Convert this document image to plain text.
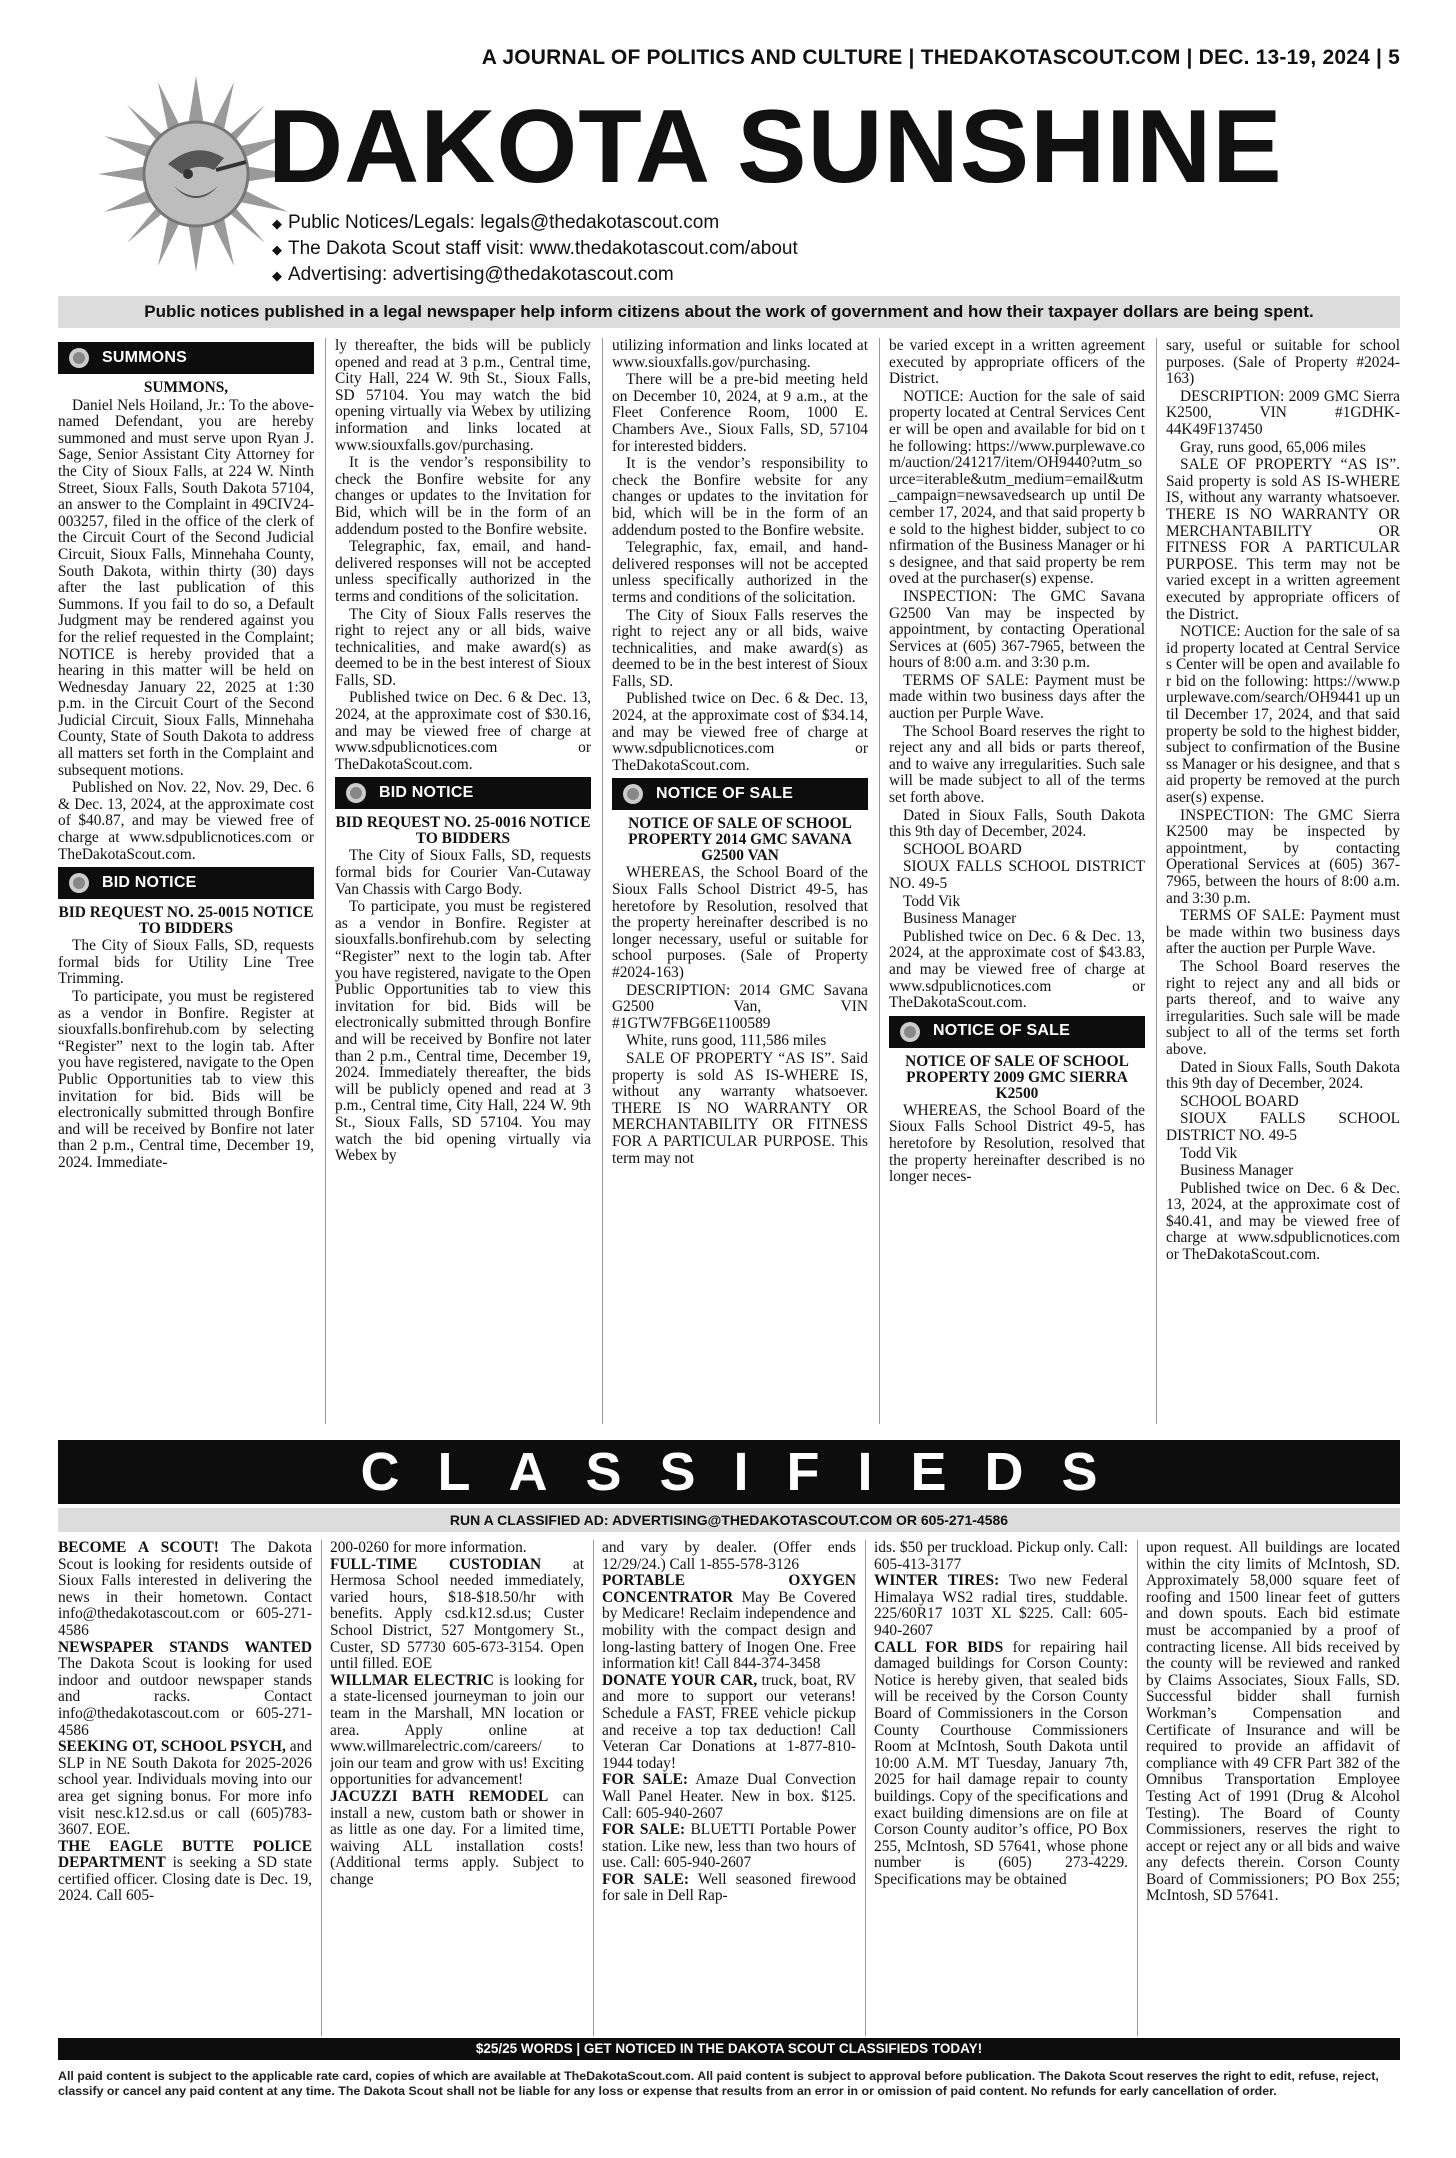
A JOURNAL OF POLITICS AND CULTURE | THEDAKOTASCOUT.COM | DEC. 13-19, 2024 | 5
DAKOTA SUNSHINE
◆ Public Notices/Legals: legals@thedakotascout.com
◆ The Dakota Scout staff visit: www.thedakotascout.com/about
◆ Advertising: advertising@thedakotascout.com
Public notices published in a legal newspaper help inform citizens about the work of government and how their taxpayer dollars are being spent.
SUMMONS

SUMMONS,

Daniel Nels Hoiland, Jr.: To the above-named Defendant, you are hereby summoned and must serve upon Ryan J. Sage, Senior Assistant City Attorney for the City of Sioux Falls, at 224 W. Ninth Street, Sioux Falls, South Dakota 57104, an answer to the Complaint in 49CIV24-003257, filed in the office of the clerk of the Circuit Court of the Second Judicial Circuit, Sioux Falls, Minnehaha County, South Dakota, within thirty (30) days after the last publication of this Summons. If you fail to do so, a Default Judgment may be rendered against you for the relief requested in the Complaint; NOTICE is hereby provided that a hearing in this matter will be held on Wednesday January 22, 2025 at 1:30 p.m. in the Circuit Court of the Second Judicial Circuit, Sioux Falls, Minnehaha County, State of South Dakota to address all matters set forth in the Complaint and subsequent motions.

Published on Nov. 22, Nov. 29, Dec. 6 & Dec. 13, 2024, at the approximate cost of $40.87, and may be viewed free of charge at www.sdpublicnotices.com or TheDakotaScout.com.

BID NOTICE

BID REQUEST NO. 25-0015 NOTICE TO BIDDERS

The City of Sioux Falls, SD, requests formal bids for Utility Line Tree Trimming.

To participate, you must be registered as a vendor in Bonfire. Register at siouxfalls.bonfirehub.com by selecting “Register” next to the login tab. After you have registered, navigate to the Open Public Opportunities tab to view this invitation for bid. Bids will be electronically submitted through Bonfire and will be received by Bonfire not later than 2 p.m., Central time, December 19, 2024. Immediate-

ly thereafter, the bids will be publicly opened and read at 3 p.m., Central time, City Hall, 224 W. 9th St., Sioux Falls, SD 57104. You may watch the bid opening virtually via Webex by utilizing information and links located at www.siouxfalls.gov/purchasing.

It is the vendor’s responsibility to check the Bonfire website for any changes or updates to the Invitation for Bid, which will be in the form of an addendum posted to the Bonfire website.

Telegraphic, fax, email, and hand-delivered responses will not be accepted unless specifically authorized in the terms and conditions of the solicitation.

The City of Sioux Falls reserves the right to reject any or all bids, waive technicalities, and make award(s) as deemed to be in the best interest of Sioux Falls, SD.

Published twice on Dec. 6 & Dec. 13, 2024, at the approximate cost of $30.16, and may be viewed free of charge at www.sdpublicnotices.com or TheDakotaScout.com.

BID NOTICE

BID REQUEST NO. 25-0016 NOTICE TO BIDDERS

The City of Sioux Falls, SD, requests formal bids for Courier Van-Cutaway Van Chassis with Cargo Body.

To participate, you must be registered as a vendor in Bonfire. Register at siouxfalls.bonfirehub.com by selecting “Register” next to the login tab. After you have registered, navigate to the Open Public Opportunities tab to view this invitation for bid. Bids will be electronically submitted through Bonfire and will be received by Bonfire not later than 2 p.m., Central time, December 19, 2024. Immediately thereafter, the bids will be publicly opened and read at 3 p.m., Central time, City Hall, 224 W. 9th St., Sioux Falls, SD 57104. You may watch the bid opening virtually via Webex by

utilizing information and links located at www.siouxfalls.gov/purchasing.

There will be a pre-bid meeting held on December 10, 2024, at 9 a.m., at the Fleet Conference Room, 1000 E. Chambers Ave., Sioux Falls, SD, 57104 for interested bidders.

It is the vendor’s responsibility to check the Bonfire website for any changes or updates to the invitation for bid, which will be in the form of an addendum posted to the Bonfire website.

Telegraphic, fax, email, and hand-delivered responses will not be accepted unless specifically authorized in the terms and conditions of the solicitation.

The City of Sioux Falls reserves the right to reject any or all bids, waive technicalities, and make award(s) as deemed to be in the best interest of Sioux Falls, SD.

Published twice on Dec. 6 & Dec. 13, 2024, at the approximate cost of $34.14, and may be viewed free of charge at www.sdpublicnotices.com or TheDakotaScout.com.

NOTICE OF SALE

NOTICE OF SALE OF SCHOOL PROPERTY 2014 GMC SAVANA G2500 VAN

WHEREAS, the School Board of the Sioux Falls School District 49-5, has heretofore by Resolution, resolved that the property hereinafter described is no longer necessary, useful or suitable for school purposes. (Sale of Property #2024-163)

DESCRIPTION: 2014 GMC Savana G2500 Van, VIN #1GTW7FBG6E1100589

White, runs good, 111,586 miles

SALE OF PROPERTY “AS IS”. Said property is sold AS IS-WHERE IS, without any warranty whatsoever. THERE IS NO WARRANTY OR MERCHANTABILITY OR FITNESS FOR A PARTICULAR PURPOSE. This term may not

be varied except in a written agreement executed by appropriate officers of the District.

NOTICE: Auction for the sale of said property located at Central Services Center will be open and available for bid on the following: https://www.purplewave.com/auction/241217/item/OH9440?utm_source=iterable&utm_medium=email&utm_campaign=newsavedsearch up until December 17, 2024, and that said property be sold to the highest bidder, subject to confirmation of the Business Manager or his designee, and that said property be removed at the purchaser(s) expense.

INSPECTION: The GMC Savana G2500 Van may be inspected by appointment, by contacting Operational Services at (605) 367-7965, between the hours of 8:00 a.m. and 3:30 p.m.

TERMS OF SALE: Payment must be made within two business days after the auction per Purple Wave.

The School Board reserves the right to reject any and all bids or parts thereof, and to waive any irregularities. Such sale will be made subject to all of the terms set forth above.

Dated in Sioux Falls, South Dakota this 9th day of December, 2024.

SCHOOL BOARD

SIOUX FALLS SCHOOL DISTRICT NO. 49-5

Todd Vik

Business Manager

Published twice on Dec. 6 & Dec. 13, 2024, at the approximate cost of $43.83, and may be viewed free of charge at www.sdpublicnotices.com or TheDakotaScout.com.

NOTICE OF SALE

NOTICE OF SALE OF SCHOOL PROPERTY 2009 GMC SIERRA K2500

WHEREAS, the School Board of the Sioux Falls School District 49-5, has heretofore by Resolution, resolved that the property hereinafter described is no longer neces-

sary, useful or suitable for school purposes. (Sale of Property #2024-163)

DESCRIPTION: 2009 GMC Sierra K2500, VIN #1GDHK-44K49F137450

Gray, runs good, 65,006 miles

SALE OF PROPERTY “AS IS”. Said property is sold AS IS-WHERE IS, without any warranty whatsoever. THERE IS NO WARRANTY OR MERCHANTABILITY OR FITNESS FOR A PARTICULAR PURPOSE. This term may not be varied except in a written agreement executed by appropriate officers of the District.

NOTICE: Auction for the sale of said property located at Central Services Center will be open and available for bid on the following: https://www.purplewave.com/search/OH9441 up until December 17, 2024, and that said property be sold to the highest bidder, subject to confirmation of the Business Manager or his designee, and that said property be removed at the purchaser(s) expense.

INSPECTION: The GMC Sierra K2500 may be inspected by appointment, by contacting Operational Services at (605) 367-7965, between the hours of 8:00 a.m. and 3:30 p.m.

TERMS OF SALE: Payment must be made within two business days after the auction per Purple Wave.

The School Board reserves the right to reject any and all bids or parts thereof, and to waive any irregularities. Such sale will be made subject to all of the terms set forth above.

Dated in Sioux Falls, South Dakota this 9th day of December, 2024.

SCHOOL BOARD

SIOUX FALLS SCHOOL DISTRICT NO. 49-5

Todd Vik

Business Manager

Published twice on Dec. 6 & Dec. 13, 2024, at the approximate cost of $40.41, and may be viewed free of charge at www.sdpublicnotices.com or TheDakotaScout.com.

CLASSIFIEDS
RUN A CLASSIFIED AD: ADVERTISING@THEDAKOTASCOUT.COM OR 605-271-4586
BECOME A SCOUT! The Dakota Scout is looking for residents outside of Sioux Falls interested in delivering the news in their hometown. Contact info@thedakotascout.com or 605-271-4586
NEWSPAPER STANDS WANTED The Dakota Scout is looking for used indoor and outdoor newspaper stands and racks. Contact info@thedakotascout.com or 605-271-4586
SEEKING OT, SCHOOL PSYCH, and SLP in NE South Dakota for 2025-2026 school year. Individuals moving into our area get signing bonus. For more info visit nesc.k12.sd.us or call (605)783-3607. EOE.
THE EAGLE BUTTE POLICE DEPARTMENT is seeking a SD state certified officer. Closing date is Dec. 19, 2024. Call 605-
200-0260 for more information.
FULL-TIME CUSTODIAN at Hermosa School needed immediately, varied hours, $18-$18.50/hr with benefits. Apply csd.k12.sd.us; Custer School District, 527 Montgomery St., Custer, SD 57730 605-673-3154. Open until filled. EOE
WILLMAR ELECTRIC is looking for a state-licensed journeyman to join our team in the Marshall, MN location or area. Apply online at www.willmarelectric.com/careers/ to join our team and grow with us! Exciting opportunities for advancement!
JACUZZI BATH REMODEL can install a new, custom bath or shower in as little as one day. For a limited time, waiving ALL installation costs! (Additional terms apply. Subject to change
and vary by dealer. (Offer ends 12/29/24.) Call 1-855-578-3126
PORTABLE OXYGEN CONCENTRATOR May Be Covered by Medicare! Reclaim independence and mobility with the compact design and long-lasting battery of Inogen One. Free information kit! Call 844-374-3458
DONATE YOUR CAR, truck, boat, RV and more to support our veterans! Schedule a FAST, FREE vehicle pickup and receive a top tax deduction! Call Veteran Car Donations at 1-877-810-1944 today!
FOR SALE: Amaze Dual Convection Wall Panel Heater. New in box. $125. Call: 605-940-2607
FOR SALE: BLUETTI Portable Power station. Like new, less than two hours of use. Call: 605-940-2607
FOR SALE: Well seasoned firewood for sale in Dell Rap-
ids. $50 per truckload. Pickup only. Call: 605-413-3177
WINTER TIRES: Two new Federal Himalaya WS2 radial tires, studdable. 225/60R17 103T XL $225. Call: 605-940-2607
CALL FOR BIDS for repairing hail damaged buildings for Corson County: Notice is hereby given, that sealed bids will be received by the Corson County Board of Commissioners in the Corson County Courthouse Commissioners Room at McIntosh, South Dakota until 10:00 A.M. MT Tuesday, January 7th, 2025 for hail damage repair to county buildings. Copy of the specifications and exact building dimensions are on file at Corson County auditor’s office, PO Box 255, McIntosh, SD 57641, whose phone number is (605) 273-4229. Specifications may be obtained
upon request. All buildings are located within the city limits of McIntosh, SD. Approximately 58,000 square feet of roofing and 1500 linear feet of gutters and down spouts. Each bid estimate must be accompanied by a proof of contracting license. All bids received by the county will be reviewed and ranked by Claims Associates, Sioux Falls, SD. Successful bidder shall furnish Workman’s Compensation and Certificate of Insurance and will be required to provide an affidavit of compliance with 49 CFR Part 382 of the Omnibus Transportation Employee Testing Act of 1991 (Drug & Alcohol Testing). The Board of County Commissioners, reserves the right to accept or reject any or all bids and waive any defects therein. Corson County Board of Commissioners; PO Box 255; McIntosh, SD 57641.
$25/25 WORDS | GET NOTICED IN THE DAKOTA SCOUT CLASSIFIEDS TODAY!
All paid content is subject to the applicable rate card, copies of which are available at TheDakotaScout.com. All paid content is subject to approval before publication. The Dakota Scout reserves the right to edit, refuse, reject, classify or cancel any paid content at any time. The Dakota Scout shall not be liable for any loss or expense that results from an error in or omission of paid content. No refunds for early cancellation of order.
